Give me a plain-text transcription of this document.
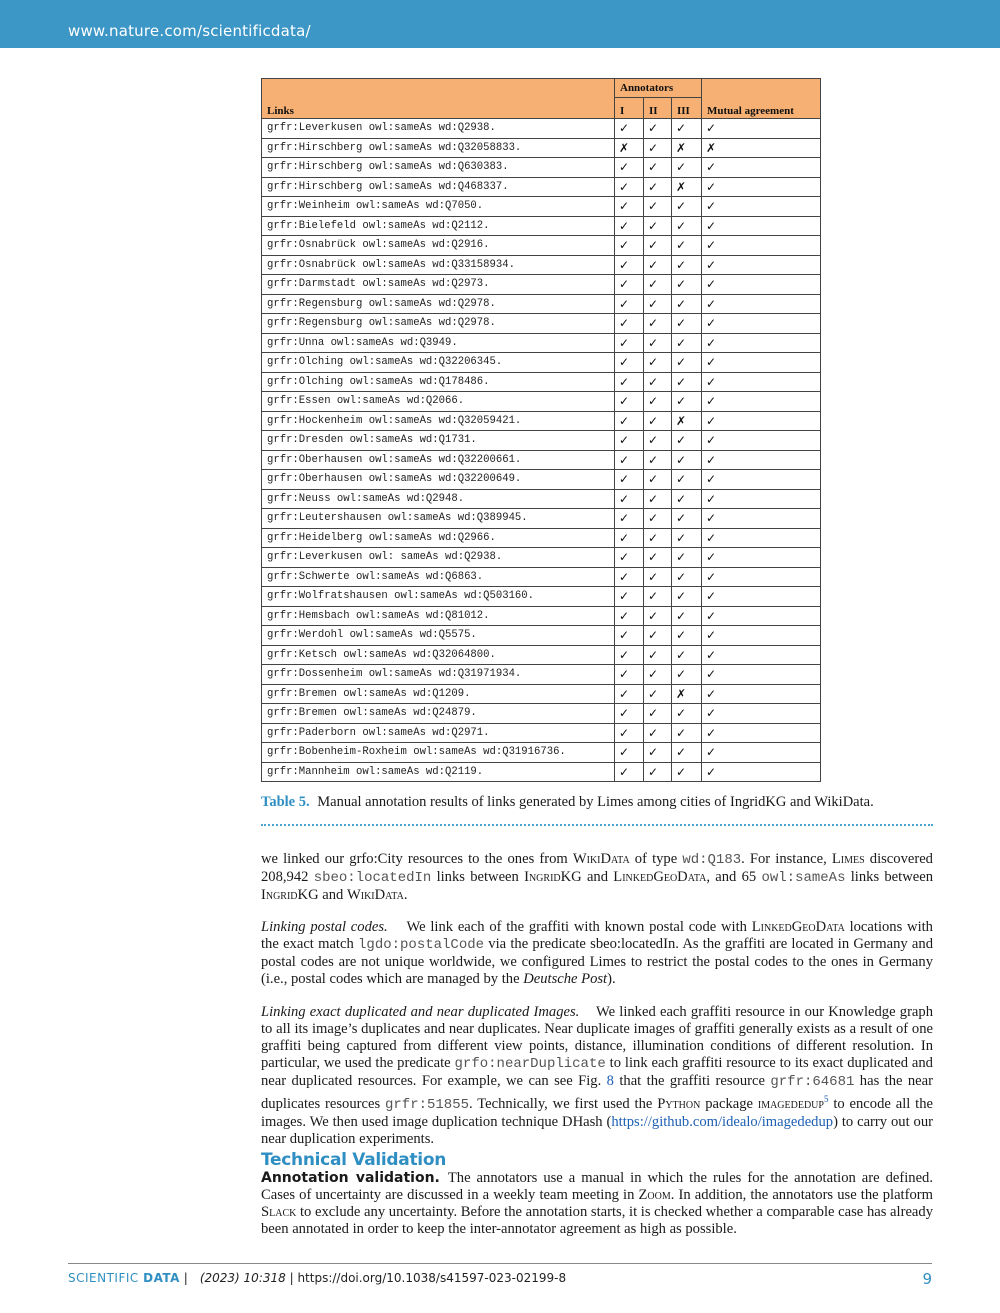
www.nature.com/scientificdata/
Links	Annotators			Mutual agreement
	I	II	III	
grfr:Leverkusen owl:sameAs wd:Q2938.	✓	✓	✓	✓
grfr:Hirschberg owl:sameAs wd:Q32058833.	✗	✓	✗	✗
grfr:Hirschberg owl:sameAs wd:Q630383.	✓	✓	✓	✓
grfr:Hirschberg owl:sameAs wd:Q468337.	✓	✓	✗	✓
grfr:Weinheim owl:sameAs wd:Q7050.	✓	✓	✓	✓
grfr:Bielefeld owl:sameAs wd:Q2112.	✓	✓	✓	✓
grfr:Osnabrück owl:sameAs wd:Q2916.	✓	✓	✓	✓
grfr:Osnabrück owl:sameAs wd:Q33158934.	✓	✓	✓	✓
grfr:Darmstadt owl:sameAs wd:Q2973.	✓	✓	✓	✓
grfr:Regensburg owl:sameAs wd:Q2978.	✓	✓	✓	✓
grfr:Regensburg owl:sameAs wd:Q2978.	✓	✓	✓	✓
grfr:Unna owl:sameAs wd:Q3949.	✓	✓	✓	✓
grfr:Olching owl:sameAs wd:Q32206345.	✓	✓	✓	✓
grfr:Olching owl:sameAs wd:Q178486.	✓	✓	✓	✓
grfr:Essen owl:sameAs wd:Q2066.	✓	✓	✓	✓
grfr:Hockenheim owl:sameAs wd:Q32059421.	✓	✓	✗	✓
grfr:Dresden owl:sameAs wd:Q1731.	✓	✓	✓	✓
grfr:Oberhausen owl:sameAs wd:Q32200661.	✓	✓	✓	✓
grfr:Oberhausen owl:sameAs wd:Q32200649.	✓	✓	✓	✓
grfr:Neuss owl:sameAs wd:Q2948.	✓	✓	✓	✓
grfr:Leutershausen owl:sameAs wd:Q389945.	✓	✓	✓	✓
grfr:Heidelberg owl:sameAs wd:Q2966.	✓	✓	✓	✓
grfr:Leverkusen owl: sameAs wd:Q2938.	✓	✓	✓	✓
grfr:Schwerte owl:sameAs wd:Q6863.	✓	✓	✓	✓
grfr:Wolfratshausen owl:sameAs wd:Q503160.	✓	✓	✓	✓
grfr:Hemsbach owl:sameAs wd:Q81012.	✓	✓	✓	✓
grfr:Werdohl owl:sameAs wd:Q5575.	✓	✓	✓	✓
grfr:Ketsch owl:sameAs wd:Q32064800.	✓	✓	✓	✓
grfr:Dossenheim owl:sameAs wd:Q31971934.	✓	✓	✓	✓
grfr:Bremen owl:sameAs wd:Q1209.	✓	✓	✗	✓
grfr:Bremen owl:sameAs wd:Q24879.	✓	✓	✓	✓
grfr:Paderborn owl:sameAs wd:Q2971.	✓	✓	✓	✓
grfr:Bobenheim-Roxheim owl:sameAs wd:Q31916736.	✓	✓	✓	✓
grfr:Mannheim owl:sameAs wd:Q2119.	✓	✓	✓	✓
Table 5. Manual annotation results of links generated by Limes among cities of IngridKG and WikiData.
we linked our grfo:City resources to the ones from WikiData of type wd:Q183. For instance, Limes discovered 208,942 sbeo:locatedIn links between IngridKG and LinkedGeoData, and 65 owl:sameAs links between IngridKG and WikiData.
Linking postal codes. We link each of the graffiti with known postal code with LinkedGeoData locations with the exact match lgdo:postalCode via the predicate sbeo:locatedIn. As the graffiti are located in Germany and postal codes are not unique worldwide, we configured Limes to restrict the postal codes to the ones in Germany (i.e., postal codes which are managed by the Deutsche Post).
Linking exact duplicated and near duplicated Images. We linked each graffiti resource in our Knowledge graph to all its image’s duplicates and near duplicates. Near duplicate images of graffiti generally exists as a result of one graffiti being captured from different view points, distance, illumination conditions of different resolution. In particular, we used the predicate grfo:nearDuplicate to link each graffiti resource to its exact duplicated and near duplicated resources. For example, we can see Fig. 8 that the graffiti resource grfr:64681 has the near duplicates resources grfr:51855. Technically, we first used the Python package imagededup$^5$ to encode all the images. We then used image duplication technique DHash (https://github.com/idealo/imagededup) to carry out our near duplication experiments.
Technical Validation
Annotation validation. The annotators use a manual in which the rules for the annotation are defined. Cases of uncertainty are discussed in a weekly team meeting in Zoom. In addition, the annotators use the platform Slack to exclude any uncertainty. Before the annotation starts, it is checked whether a comparable case has already been annotated in order to keep the inter-annotator agreement as high as possible.
SCIENTIFIC DATA | (2023) 10:318 | https://doi.org/10.1038/s41597-023-02199-8	9
